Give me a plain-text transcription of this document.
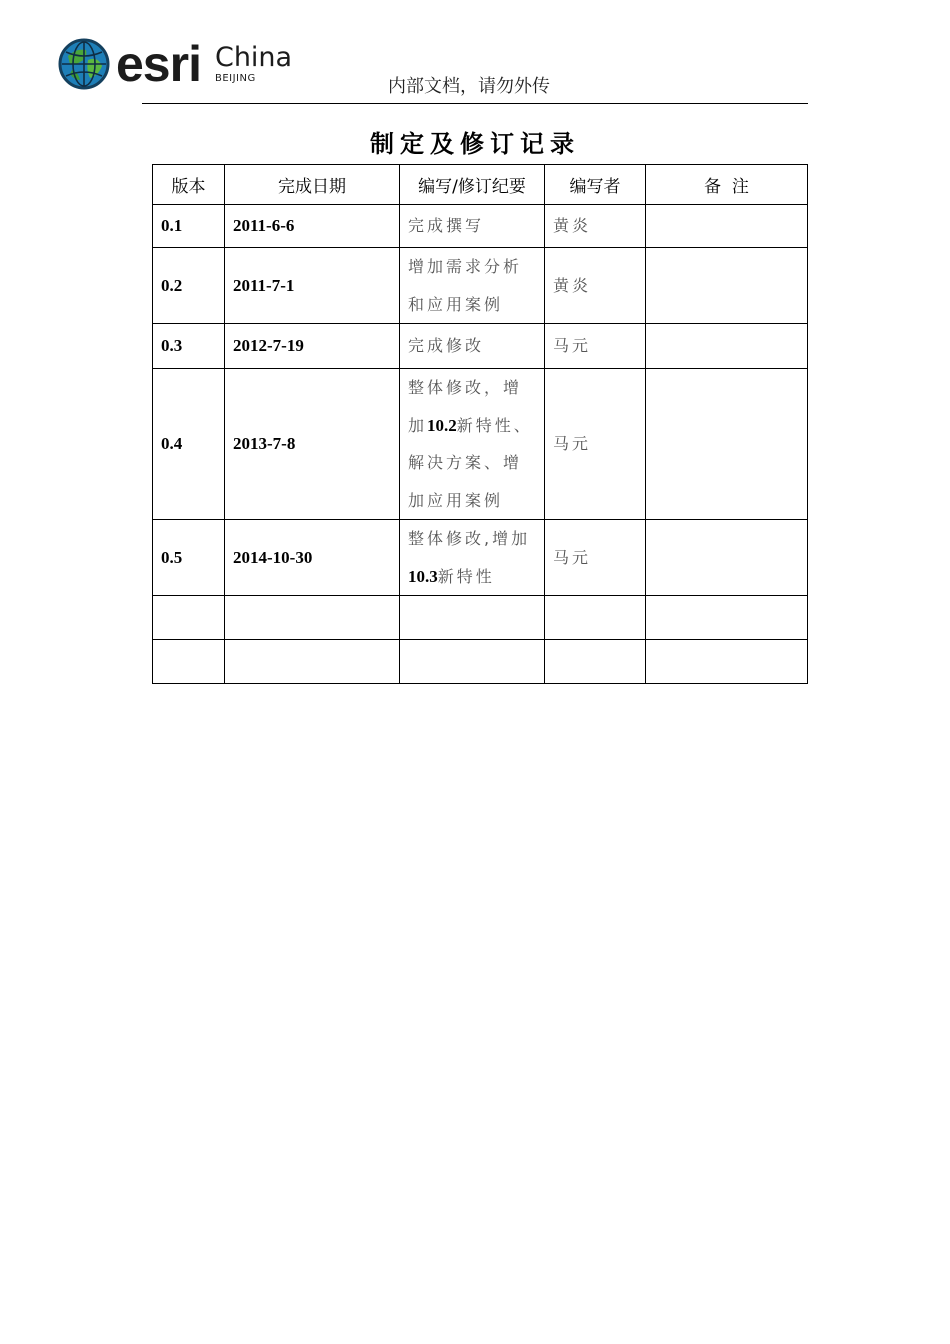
esri China
BEIJING	内部文档，请勿外传
制定及修订记录
版本	完成日期	编写/修订纪要	编写者	备  注
0.1	2011-6-6	完成撰写	黄炎	
0.2	2011-7-1	增加需求分析和应用案例	黄炎	
0.3	2012-7-19	完成修改	马元	
0.4	2013-7-8	整体修改，增加10.2新特性、解决方案、增加应用案例	马元	
0.5	2014-10-30	整体修改,增加10.3新特性	马元	
